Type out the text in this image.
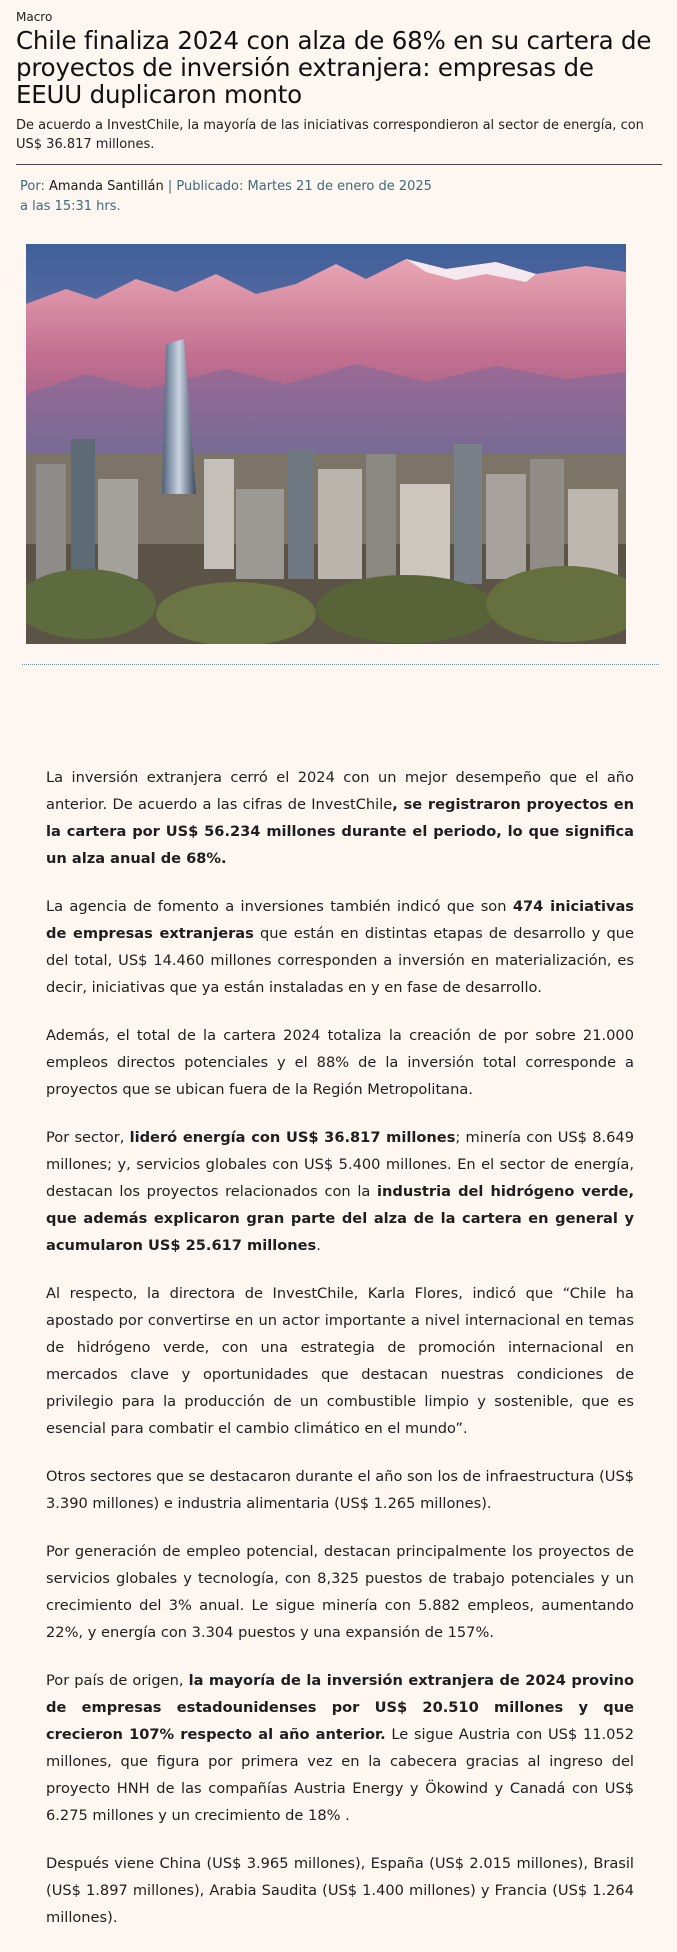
Macro
Chile finaliza 2024 con alza de 68% en su cartera de proyectos de inversión extranjera: empresas de EEUU duplicaron monto
De acuerdo a InvestChile, la mayoría de las iniciativas correspondieron al sector de energía, con US$ 36.817 millones.
Por: Amanda Santillán | Publicado: Martes 21 de enero de 2025 a las 15:31 hrs.

La inversión extranjera cerró el 2024 con un mejor desempeño que el año anterior. De acuerdo a las cifras de InvestChile, se registraron proyectos en la cartera por US$ 56.234 millones durante el periodo, lo que significa un alza anual de 68%.

La agencia de fomento a inversiones también indicó que son 474 iniciativas de empresas extranjeras que están en distintas etapas de desarrollo y que del total, US$ 14.460 millones corresponden a inversión en materialización, es decir, iniciativas que ya están instaladas en y en fase de desarrollo.

Además, el total de la cartera 2024 totaliza la creación de por sobre 21.000 empleos directos potenciales y el 88% de la inversión total corresponde a proyectos que se ubican fuera de la Región Metropolitana.

Por sector, lideró energía con US$ 36.817 millones; minería con US$ 8.649 millones; y, servicios globales con US$ 5.400 millones. En el sector de energía, destacan los proyectos relacionados con la industria del hidrógeno verde, que además explicaron gran parte del alza de la cartera en general y acumularon US$ 25.617 millones.

Al respecto, la directora de InvestChile, Karla Flores, indicó que “Chile ha apostado por convertirse en un actor importante a nivel internacional en temas de hidrógeno verde, con una estrategia de promoción internacional en mercados clave y oportunidades que destacan nuestras condiciones de privilegio para la producción de un combustible limpio y sostenible, que es esencial para combatir el cambio climático en el mundo”.

Otros sectores que se destacaron durante el año son los de infraestructura (US$ 3.390 millones) e industria alimentaria (US$ 1.265 millones).

Por generación de empleo potencial, destacan principalmente los proyectos de servicios globales y tecnología, con 8,325 puestos de trabajo potenciales y un crecimiento del 3% anual. Le sigue minería con 5.882 empleos, aumentando 22%, y energía con 3.304 puestos y una expansión de 157%.

Por país de origen, la mayoría de la inversión extranjera de 2024 provino de empresas estadounidenses por US$ 20.510 millones y que crecieron 107% respecto al año anterior. Le sigue Austria con US$ 11.052 millones, que figura por primera vez en la cabecera gracias al ingreso del proyecto HNH de las compañías Austria Energy y Ökowind y Canadá con US$ 6.275 millones y un crecimiento de 18% .

Después viene China (US$ 3.965 millones), España (US$ 2.015 millones), Brasil (US$ 1.897 millones), Arabia Saudita (US$ 1.400 millones) y Francia (US$ 1.264 millones).
